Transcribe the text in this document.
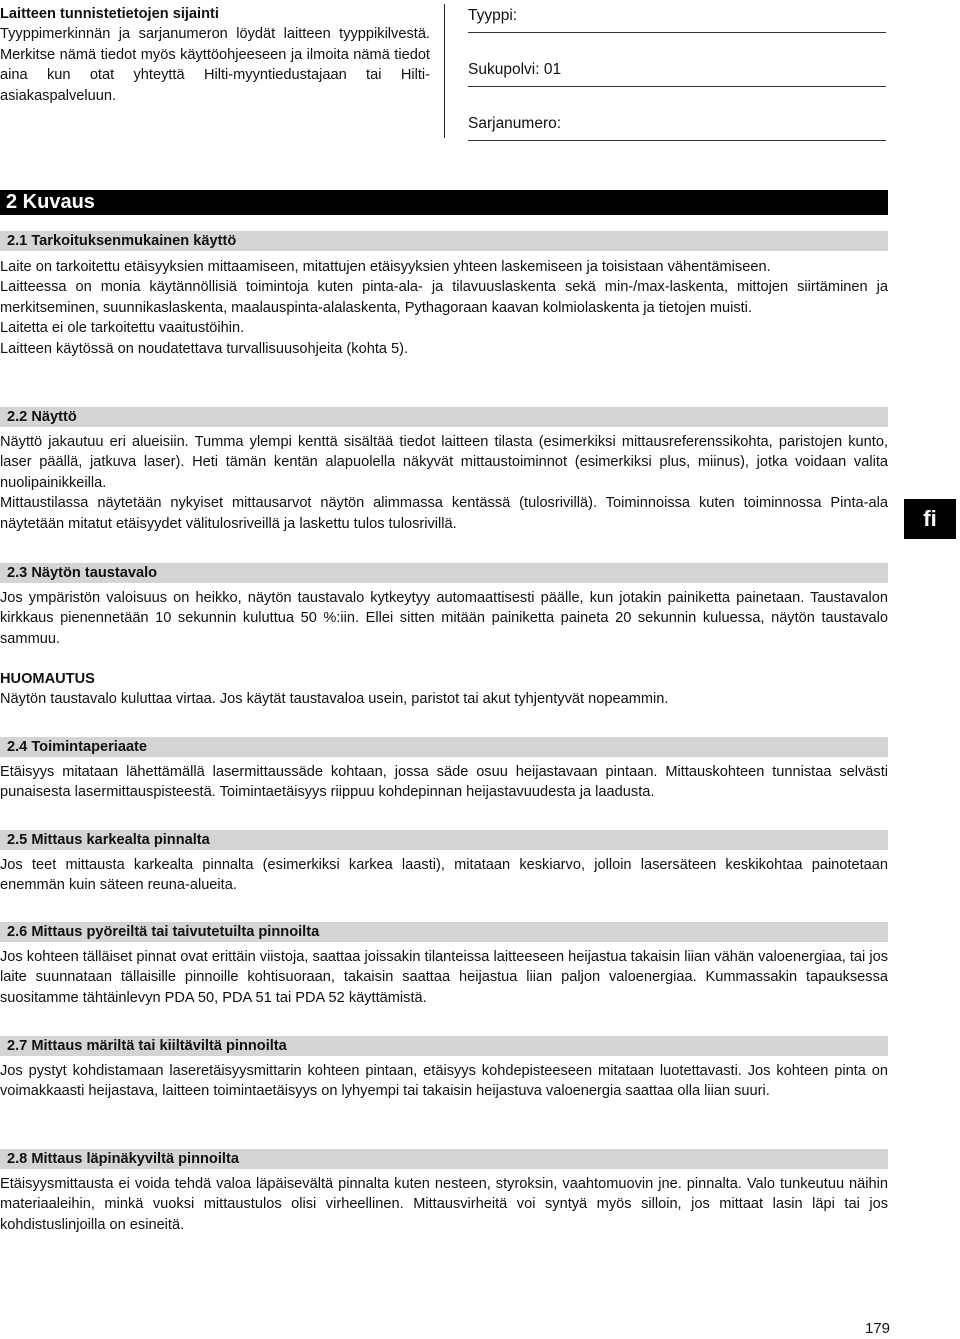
Laitteen tunnistetietojen sijainti
Tyyppimerkinnän ja sarjanumeron löydät laitteen tyyppikilvestä. Merkitse nämä tiedot myös käyttöohjeeseen ja ilmoita nämä tiedot aina kun otat yhteyttä Hilti-myyntiedustajaan tai Hilti-asiakaspalveluun.
Tyyppi:
Sukupolvi: 01
Sarjanumero:
2 Kuvaus
2.1 Tarkoituksenmukainen käyttö

Laite on tarkoitettu etäisyyksien mittaamiseen, mitattujen etäisyyksien yhteen laskemiseen ja toisistaan vähentämiseen.

Laitteessa on monia käytännöllisiä toimintoja kuten pinta-ala- ja tilavuuslaskenta sekä min-/max-laskenta, mittojen siirtäminen ja merkitseminen, suunnikaslaskenta, maalauspinta-alalaskenta, Pythagoraan kaavan kolmiolaskenta ja tietojen muisti.

Laitetta ei ole tarkoitettu vaaitustöihin.

Laitteen käytössä on noudatettava turvallisuusohjeita (kohta 5).

2.2 Näyttö

Näyttö jakautuu eri alueisiin. Tumma ylempi kenttä sisältää tiedot laitteen tilasta (esimerkiksi mittausreferenssikohta, paristojen kunto, laser päällä, jatkuva laser). Heti tämän kentän alapuolella näkyvät mittaustoiminnot (esimerkiksi plus, miinus), jotka voidaan valita nuolipainikkeilla.

Mittaustilassa näytetään nykyiset mittausarvot näytön alimmassa kentässä (tulosrivillä). Toiminnoissa kuten toiminnossa Pinta-ala näytetään mitatut etäisyydet välitulosriveillä ja laskettu tulos tulosrivillä.	fi
2.3 Näytön taustavalo

Jos ympäristön valoisuus on heikko, näytön taustavalo kytkeytyy automaattisesti päälle, kun jotakin painiketta painetaan. Taustavalon kirkkaus pienennetään 10 sekunnin kuluttua 50 %:iin. Ellei sitten mitään painiketta paineta 20 sekunnin kuluessa, näytön taustavalo sammuu.

HUOMAUTUS

Näytön taustavalo kuluttaa virtaa. Jos käytät taustavaloa usein, paristot tai akut tyhjentyvät nopeammin.

2.4 Toimintaperiaate

Etäisyys mitataan lähettämällä lasermittaussäde kohtaan, jossa säde osuu heijastavaan pintaan. Mittauskohteen tunnistaa selvästi punaisesta lasermittauspisteestä. Toimintaetäisyys riippuu kohdepinnan heijastavuudesta ja laadusta.

2.5 Mittaus karkealta pinnalta

Jos teet mittausta karkealta pinnalta (esimerkiksi karkea laasti), mitataan keskiarvo, jolloin lasersäteen keskikohtaa painotetaan enemmän kuin säteen reuna-alueita.

2.6 Mittaus pyöreiltä tai taivutetuilta pinnoilta

Jos kohteen tälläiset pinnat ovat erittäin viistoja, saattaa joissakin tilanteissa laitteeseen heijastua takaisin liian vähän valoenergiaa, tai jos laite suunnataan tällaisille pinnoille kohtisuoraan, takaisin saattaa heijastua liian paljon valoenergiaa. Kummassakin tapauksessa suositamme tähtäinlevyn PDA 50, PDA 51 tai PDA 52 käyttämistä.

2.7 Mittaus märiltä tai kiiltäviltä pinnoilta

Jos pystyt kohdistamaan laseretäisyysmittarin kohteen pintaan, etäisyys kohdepisteeseen mitataan luotettavasti. Jos kohteen pinta on voimakkaasti heijastava, laitteen toimintaetäisyys on lyhyempi tai takaisin heijastuva valoenergia saattaa olla liian suuri.

2.8 Mittaus läpinäkyviltä pinnoilta

Etäisyysmittausta ei voida tehdä valoa läpäisevältä pinnalta kuten nesteen, styroksin, vaahtomuovin jne. pinnalta. Valo tunkeutuu näihin materiaaleihin, minkä vuoksi mittaustulos olisi virheellinen. Mittausvirheitä voi syntyä myös silloin, jos mittaat lasin läpi tai jos kohdistuslinjoilla on esineitä.

179
